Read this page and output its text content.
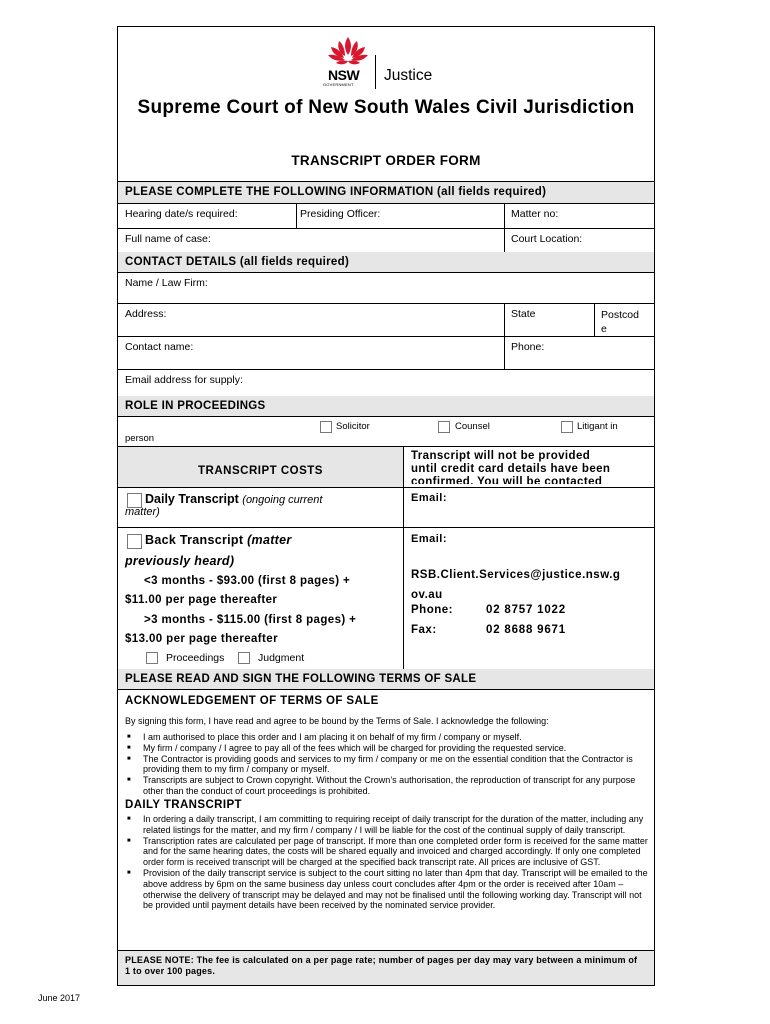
NSW
GOVERNMENT
Justice
Supreme Court of New South Wales Civil Jurisdiction
TRANSCRIPT ORDER FORM
PLEASE COMPLETE THE FOLLOWING INFORMATION (all fields required)
Hearing date/s required:	Presiding Officer:	Matter no:
Full name of case:	Court Location:
CONTACT DETAILS (all fields required)
Name / Law Firm:
Address:	State	Postcod
e
Contact name:	Phone:
Email address for supply:
ROLE IN PROCEEDINGS
Solicitor	Counsel	Litigant in
person
TRANSCRIPT COSTS
Transcript will not be provided
until credit card details have been
confirmed. You will be contacted
Daily Transcript (ongoing current
matter)
Email:
Back Transcript (matter
previously heard)
<3 months - $93.00 (first 8 pages) +
$11.00 per page thereafter
>3 months - $115.00 (first 8 pages) +
$13.00 per page thereafter
Proceedings	Judgment
Email:
RSB.Client.Services@justice.nsw.g
ov.au
Phone:	02 8757 1022
Fax:	02 8688 9671
PLEASE READ AND SIGN THE FOLLOWING TERMS OF SALE
ACKNOWLEDGEMENT OF TERMS OF SALE
By signing this form, I have read and agree to be bound by the Terms of Sale. I acknowledge the following:
■ I am authorised to place this order and I am placing it on behalf of my firm / company or myself.
■ My firm / company / I agree to pay all of the fees which will be charged for providing the requested service.
■ The Contractor is providing goods and services to my firm / company or me on the essential condition that the Contractor is providing them to my firm / company or myself.
■ Transcripts are subject to Crown copyright. Without the Crown’s authorisation, the reproduction of transcript for any purpose other than the conduct of court proceedings is prohibited.
DAILY TRANSCRIPT
■ In ordering a daily transcript, I am committing to requiring receipt of daily transcript for the duration of the matter, including any related listings for the matter, and my firm / company / I will be liable for the cost of the continual supply of daily transcript.
■ Transcription rates are calculated per page of transcript. If more than one completed order form is received for the same matter and for the same hearing dates, the costs will be shared equally and invoiced and charged accordingly. If only one completed order form is received transcript will be charged at the specified back transcript rate. All prices are inclusive of GST.
■ Provision of the daily transcript service is subject to the court sitting no later than 4pm that day. Transcript will be emailed to the above address by 6pm on the same business day unless court concludes after 4pm or the order is received after 10am – otherwise the delivery of transcript may be delayed and may not be finalised until the following working day. Transcript will not be provided until payment details have been received by the nominated service provider.
PLEASE NOTE: The fee is calculated on a per page rate; number of pages per day may vary between a minimum of 1 to over 100 pages.
June 2017
